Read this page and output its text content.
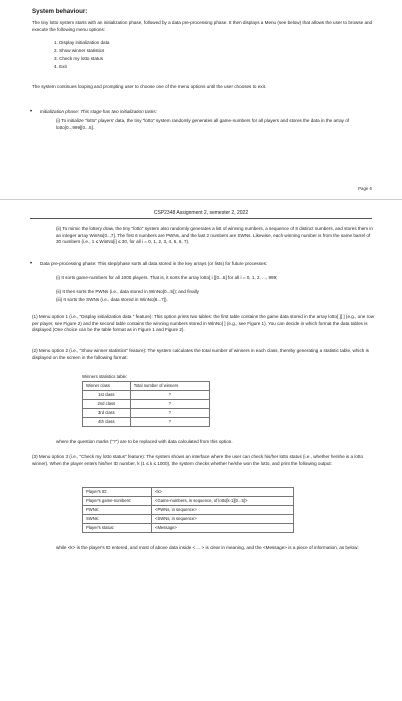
System behaviour:
The tiny lotto system starts with an initialization phase, followed by a data pre-processing phase. It then displays a Menu (see below) that allows the user to browse and execute the following menu options:
1. Display initialization data
2. Show winner statistics
3. Check my lotto status
4. Exit
The system continues looping and prompting user to choose one of the menu options until the user chooses to exit.
• Initialization phase: This stage has two initialization tasks:
(i) To initialize "lotto" players' data, the tiny "lotto" system randomly generates all game-numbers for all players and stores the data in the array of lotto[0...999][0...5].
Page 6
CSP2348 Assignment 2, semester 2, 2022
(ii) To mimic the lottery draw, the tiny "lotto" system also randomly generates a list of winning numbers, a sequence of 8 distinct numbers, and stores them in an integer array WinNo[0...7]. The first 6 numbers are PWNs, and the last 2 numbers are SWNs. Likewise, each winning number is from the same barrel of 30 numbers (i.e., 1 ≤ WinNo[i] ≤ 30, for all i = 0, 1, 2, 3, 4, 5, 6, 7).
• Data pre-processing phase: This step/phase sorts all data stored in the key arrays (or lists) for future processes:
(i) It sorts game-numbers for all 1000 players. That is, it sorts the array lotto[ i ][0...5] for all i = 0, 1, 2, ..., 999;
(ii) It then sorts the PWNs (i.e., data stored in WinNo[0...5]); and finally
(iii) It sorts the SWNs (i.e., data stored in WinNo[6...7]).
(1) Menu option 1 (i.e., "Display initialization data " feature): This option prints two tables: the first table contains the game data stored in the array lotto[ ][ ] (e.g., one row per player, see Figure 2) and the second table contains the winning numbers stored in WinNo[ ] (e.g., see Figure 1). You can decide in which format the data tables is displayed (One choice can be the table format as in Figure 1 and Figure 2).
(2) Menu option 2 (i.e., "Show winner statistics" feature): The system calculates the total number of winners in each class, thereby generating a statistic table, which is displayed on the screen in the following format:
Winners statistics table:
Winner class	Total number of winners
1st class	?
2nd class	?
3rd class	?
4th class	?
where the question marks ("?") are to be replaced with data calculated from this option.
(3) Menu option 3 (i.e., "Check my lotto status" feature): The system shows an interface where the user can check his/her lotto status (i.e., whether he/she is a lotto winner). When the player enters his/her ID number, k (1 ≤ k ≤ 1000), the system checks whether he/she won the lotto, and print the following output:
Player's ID:	<k>
Player's game-numbers:	<Game-numbers, in sequence, of lotto[k-1][0...5]>
PWNs:	<PWNs, in sequence>
SWNs:	<SWNs, in sequence>
Player's status:	<Message>
while <k> is the player's ID entered, and most of above data inside < ... > is clear in meaning, and the <Message> is a piece of information, as below:
